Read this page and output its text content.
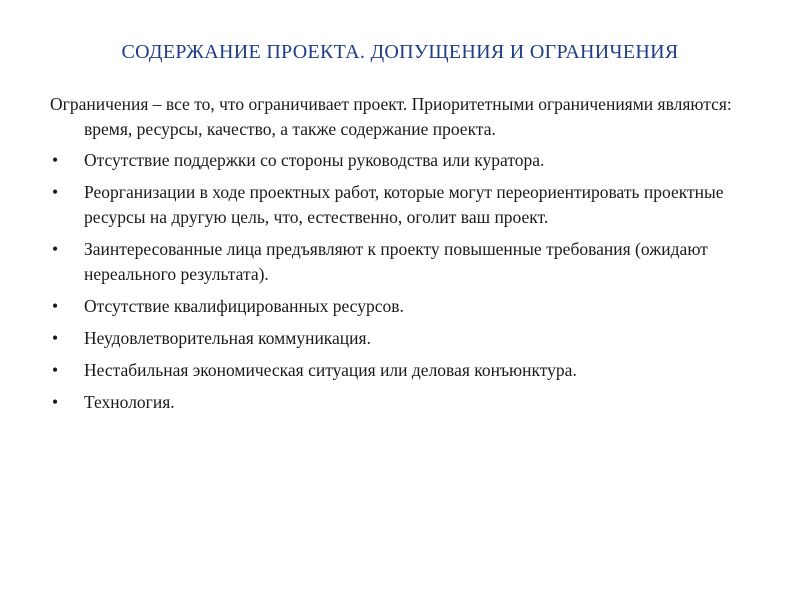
СОДЕРЖАНИЕ ПРОЕКТА. ДОПУЩЕНИЯ И ОГРАНИЧЕНИЯ

Ограничения – все то, что ограничивает проект. Приоритетными ограничениями являются: время, ресурсы, качество, а также содержание проекта.

• Отсутствие поддержки со стороны руководства или куратора.
• Реорганизации в ходе проектных работ, которые могут переориентировать проектные ресурсы на другую цель, что, естественно, оголит ваш проект.
• Заинтересованные лица предъявляют к проекту повышенные требования (ожидают нереального результата).
• Отсутствие квалифицированных ресурсов.
• Неудовлетворительная коммуникация.
• Нестабильная экономическая ситуация или деловая конъюнктура.
• Технология.
